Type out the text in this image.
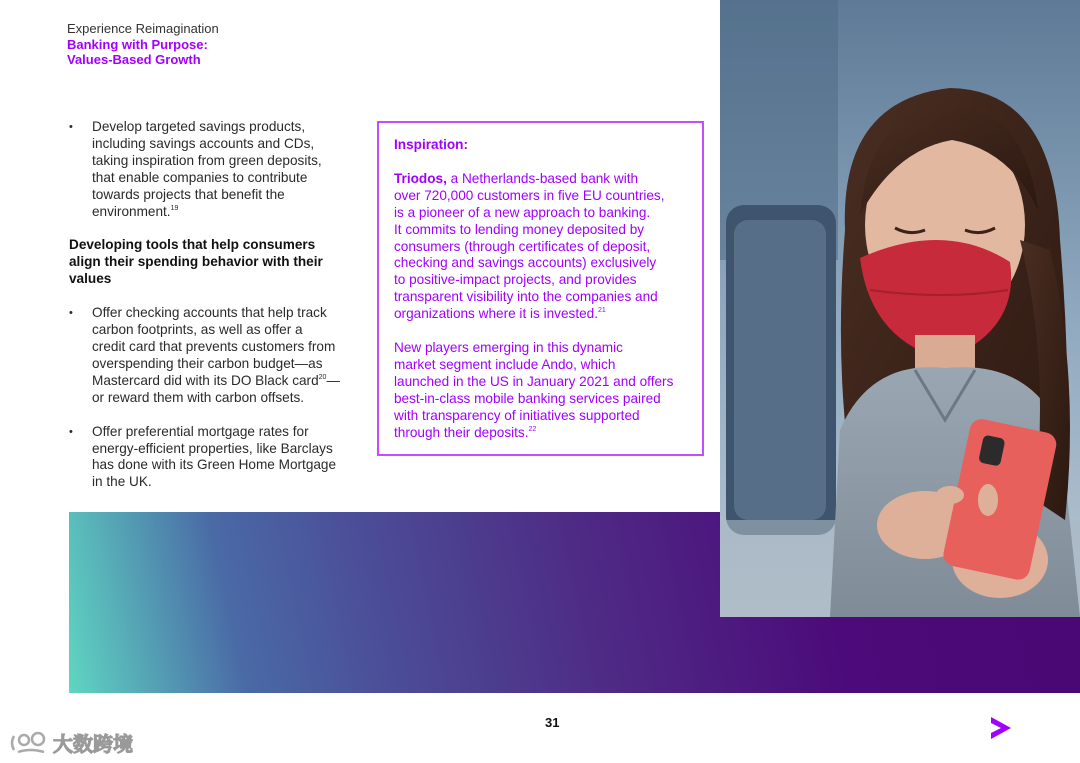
Experience Reimagination
Banking with Purpose:
Values-Based Growth
• Develop targeted savings products,
including savings accounts and CDs,
taking inspiration from green deposits,
that enable companies to contribute
towards projects that benefit the
environment.$^{19}$
Developing tools that help consumers
align their spending behavior with their
values
• Offer checking accounts that help track
carbon footprints, as well as offer a
credit card that prevents customers from
overspending their carbon budget—as
Mastercard did with its DO Black card$^{20}$—
or reward them with carbon offsets.
• Offer preferential mortgage rates for
energy-efficient properties, like Barclays
has done with its Green Home Mortgage
in the UK.

Inspiration:

Triodos, a Netherlands-based bank with
over 720,000 customers in five EU countries,
is a pioneer of a new approach to banking.
It commits to lending money deposited by
consumers (through certificates of deposit,
checking and savings accounts) exclusively
to positive-impact projects, and provides
transparent visibility into the companies and
organizations where it is invested.$^{21}$

New players emerging in this dynamic
market segment include Ando, which
launched in the US in January 2021 and offers
best-in-class mobile banking services paired
with transparency of initiatives supported
through their deposits.$^{22}$

31
大数跨境
